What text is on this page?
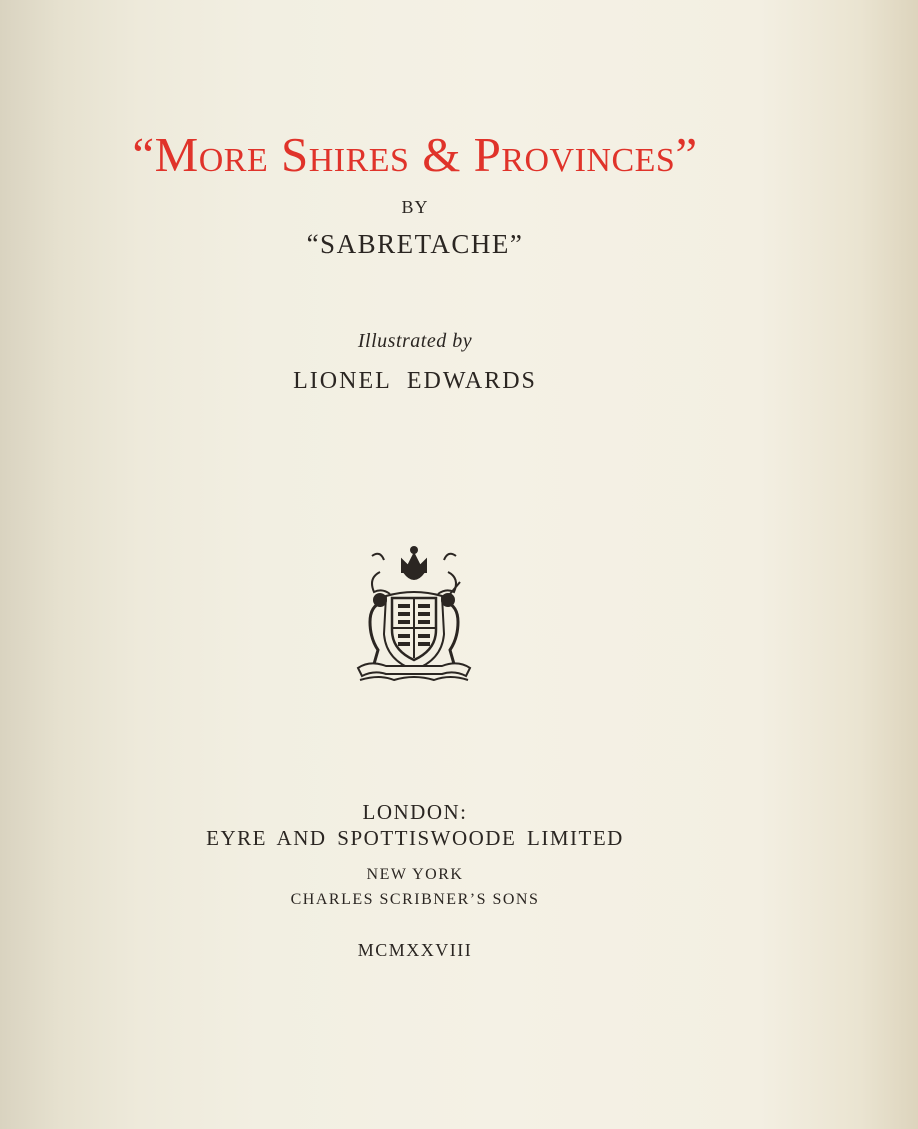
“More Shires & Provinces”
BY
“SABRETACHE”
Illustrated by
LIONEL EDWARDS
LONDON:
EYRE AND SPOTTISWOODE LIMITED
NEW YORK
CHARLES SCRIBNER’S SONS
MCMXXVIII
